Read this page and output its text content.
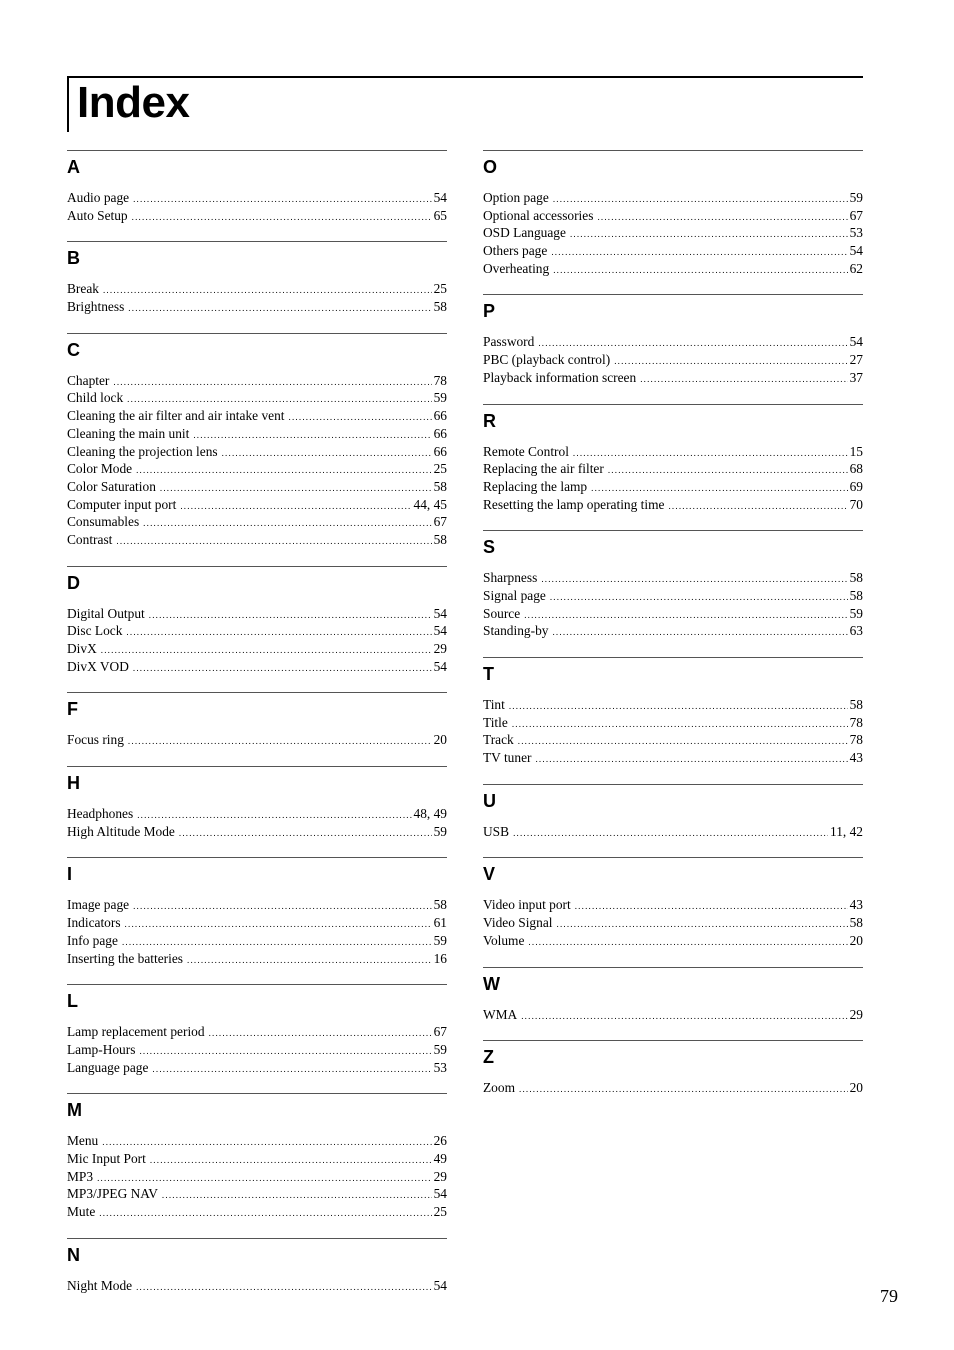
Index
A
Audio page .....	54
Auto Setup .....	65
B
Break .....	25
Brightness .....	58
C
Chapter .....	78
Child lock .....	59
Cleaning the air filter and air intake vent .....	66
Cleaning the main unit .....	66
Cleaning the projection lens .....	66
Color Mode .....	25
Color Saturation .....	58
Computer input port .....	44, 45
Consumables .....	67
Contrast .....	58
D
Digital Output .....	54
Disc Lock .....	54
DivX .....	29
DivX VOD .....	54
F
Focus ring .....	20
H
Headphones .....	48, 49
High Altitude Mode .....	59
I
Image page .....	58
Indicators .....	61
Info page .....	59
Inserting the batteries .....	16
L
Lamp replacement period .....	67
Lamp-Hours .....	59
Language page .....	53
M
Menu .....	26
Mic Input Port .....	49
MP3 .....	29
MP3/JPEG NAV .....	54
Mute .....	25
N
Night Mode .....	54
O
Option page .....	59
Optional accessories .....	67
OSD Language .....	53
Others page .....	54
Overheating .....	62
P
Password .....	54
PBC (playback control) .....	27
Playback information screen .....	37
R
Remote Control .....	15
Replacing the air filter .....	68
Replacing the lamp .....	69
Resetting the lamp operating time .....	70
S
Sharpness .....	58
Signal page .....	58
Source .....	59
Standing-by .....	63
T
Tint .....	58
Title .....	78
Track .....	78
TV tuner .....	43
U
USB .....	11, 42
V
Video input port .....	43
Video Signal .....	58
Volume .....	20
W
WMA .....	29
Z
Zoom .....	20
79
